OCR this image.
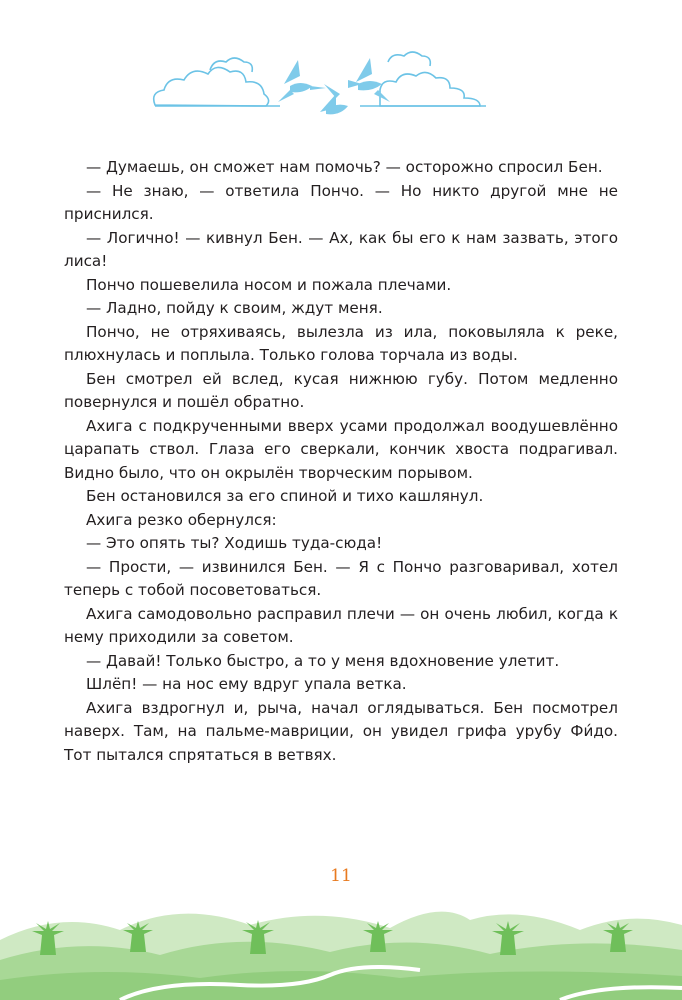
— Думаешь, он сможет нам помочь? — осторожно спросил Бен.

— Не знаю, — ответила Пончо. — Но никто другой мне не приснился.

— Логично! — кивнул Бен. — Ах, как бы его к нам зазвать, этого лиса!

Пончо пошевелила носом и пожала плечами.

— Ладно, пойду к своим, ждут меня.

Пончо, не отряхиваясь, вылезла из ила, поковыляла к реке, плюхнулась и поплыла. Только голова торчала из воды.

Бен смотрел ей вслед, кусая нижнюю губу. Потом медленно повернулся и пошёл обратно.

Ахига с подкрученными вверх усами продолжал воодушевлённо царапать ствол. Глаза его сверкали, кончик хвоста подрагивал. Видно было, что он окрылён творческим порывом.

Бен остановился за его спиной и тихо кашлянул.

Ахига резко обернулся:

— Это опять ты? Ходишь туда-сюда!

— Прости, — извинился Бен. — Я с Пончо разговаривал, хотел теперь с тобой посоветоваться.

Ахига самодовольно расправил плечи — он очень любил, когда к нему приходили за советом.

— Давай! Только быстро, а то у меня вдохновение улетит.

Шлёп! — на нос ему вдруг упала ветка.

Ахига вздрогнул и, рыча, начал оглядываться. Бен посмотрел наверх. Там, на пальме-мавриции, он увидел грифа урубу Фи́до. Тот пытался спрятаться в ветвях.

11
